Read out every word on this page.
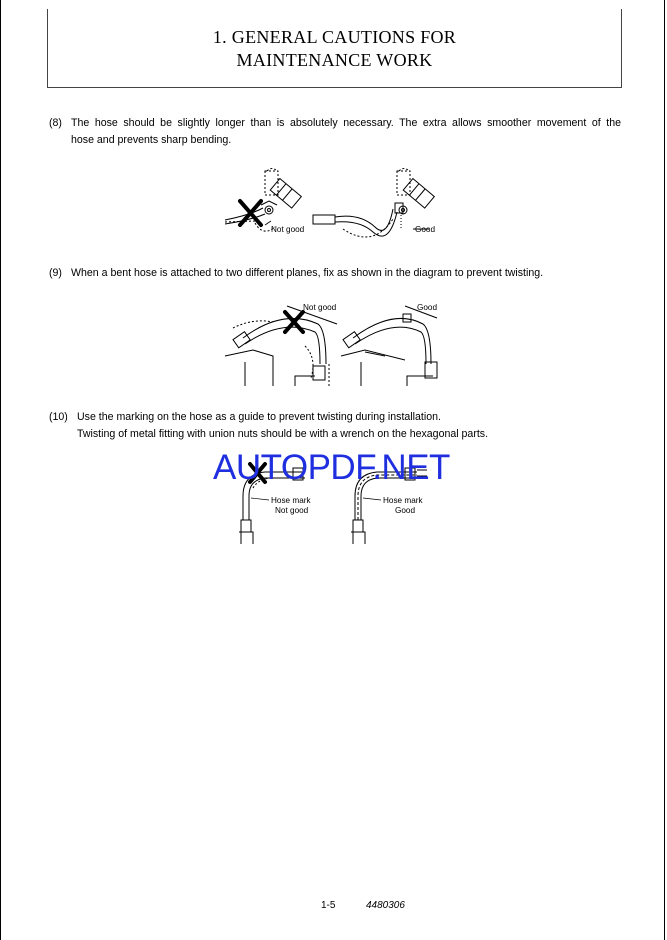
1. GENERAL CAUTIONS FOR
MAINTENANCE WORK
(8) The hose should be slightly longer than is absolutely necessary. The extra allows smoother movement of the
hose and prevents sharp bending.
Not good	Good
(9) When a bent hose is attached to two different planes, fix as shown in the diagram to prevent twisting.
Not good	Good
(10) Use the marking on the hose as a guide to prevent twisting during installation.
Twisting of metal fitting with union nuts should be with a wrench on the hexagonal parts.
Hose mark
Not good
Hose mark
Good
AUTOPDF.NET
1-5	4480306
